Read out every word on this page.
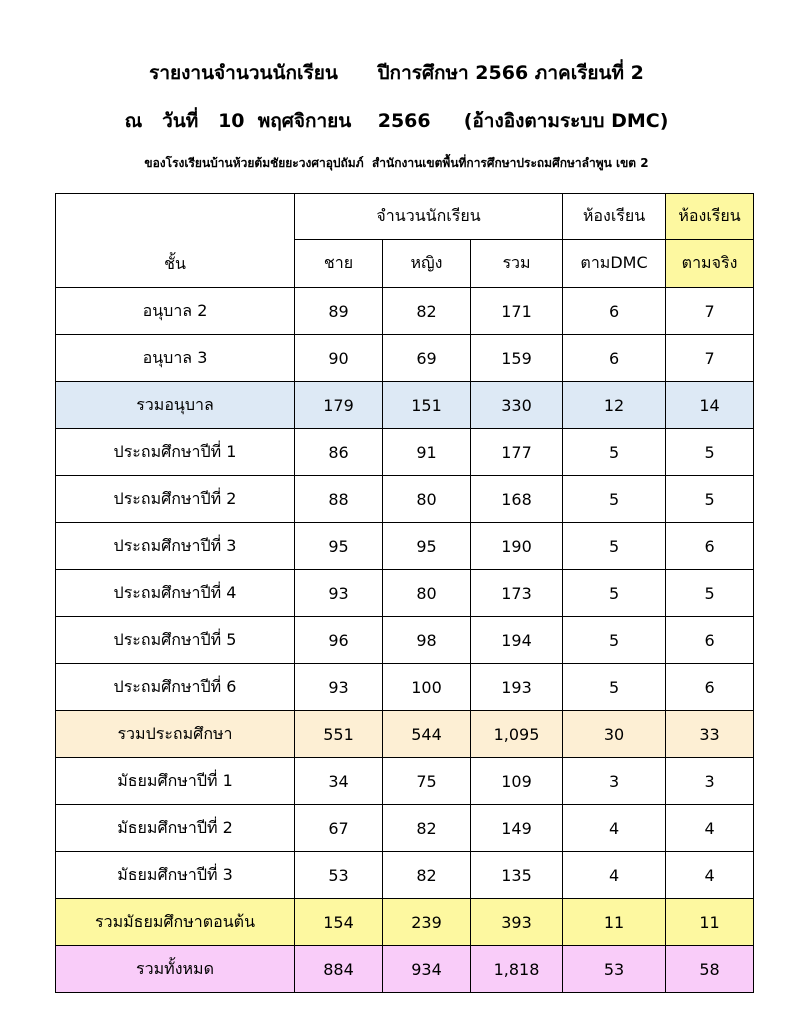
รายงานจำนวนนักเรียน      ปีการศึกษา 2566 ภาคเรียนที่ 2
ณ   วันที่   10  พฤศจิกายน    2566     (อ้างอิงตามระบบ DMC)
ของโรงเรียนบ้านห้วยต้มชัยยะวงศาอุปถัมภ์  สำนักงานเขตพื้นที่การศึกษาประถมศึกษาลำพูน เขต 2
ชั้น	จำนวนนักเรียน			ห้องเรียน	ห้องเรียน
	ชาย	หญิง	รวม	ตามDMC	ตามจริง
อนุบาล 2	89	82	171	6	7
อนุบาล 3	90	69	159	6	7
รวมอนุบาล	179	151	330	12	14
ประถมศึกษาปีที่ 1	86	91	177	5	5
ประถมศึกษาปีที่ 2	88	80	168	5	5
ประถมศึกษาปีที่ 3	95	95	190	5	6
ประถมศึกษาปีที่ 4	93	80	173	5	5
ประถมศึกษาปีที่ 5	96	98	194	5	6
ประถมศึกษาปีที่ 6	93	100	193	5	6
รวมประถมศึกษา	551	544	1,095	30	33
มัธยมศึกษาปีที่ 1	34	75	109	3	3
มัธยมศึกษาปีที่ 2	67	82	149	4	4
มัธยมศึกษาปีที่ 3	53	82	135	4	4
รวมมัธยมศึกษาตอนต้น	154	239	393	11	11
รวมทั้งหมด	884	934	1,818	53	58
